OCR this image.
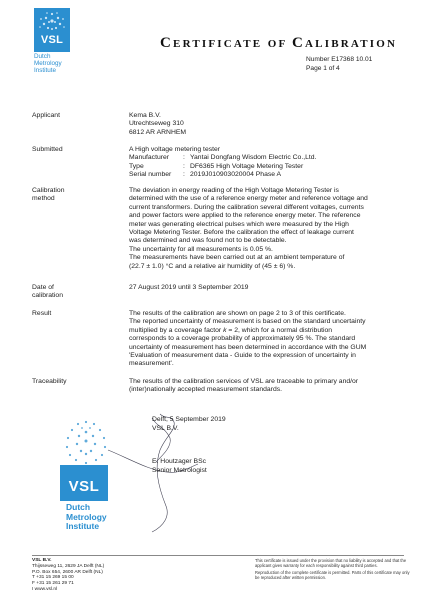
VSL
Dutch
Metrology
Institute
CERTIFICATE OF CALIBRATION
Number E17368 10.01
Page 1 of 4
Applicant	Kema B.V.

Utrechtseweg 310

6812 AR ARNHEM

Submitted	A High voltage metering tester

Manufacturer	: Yantai Dongfang Wisdom Electric Co.,Ltd.
Type	: DF6365 High Voltage Metering Tester
Serial number	: 2019J010903020004 Phase A
Calibration
method

The deviation in energy reading of the High Voltage Metering Tester is

determined with the use of a reference energy meter and reference voltage and

current transformers. During the calibration several different voltages, currents

and power factors were applied to the reference energy meter. The reference

meter was generating electrical pulses which were measured by the High

Voltage Metering Tester. Before the calibration the effect of leakage current

was determined and was found not to be detectable.

The uncertainty for all measurements is 0.05 %.

The measurements have been carried out at an ambient temperature of

(22.7 ± 1.0) °C and a relative air humidity of (45 ± 6) %.

Date of
calibration
27 August 2019 until 3 September 2019
Result	The results of the calibration are shown on page 2 to 3 of this certificate.

The reported uncertainty of measurement is based on the standard uncertainty

multiplied by a coverage factor k = 2, which for a normal distribution

corresponds to a coverage probability of approximately 95 %. The standard

uncertainty of measurement has been determined in accordance with the GUM

'Evaluation of measurement data - Guide to the expression of uncertainty in

measurement'.

Traceability	The results of the calibration services of VSL are traceable to primary and/or

(inter)nationally accepted measurement standards.

Delft, 5 September 2019
VSL B.V.
E. Houtzager BSc
Senior Metrologist
VSL
Dutch
Metrology
Institute
VSL B.V.
Thijsseweg 11, 2629 JA Delft (NL)
P.O. Box 654, 2600 AR Delft (NL)
T +31 15 269 15 00
F +31 15 261 29 71
I www.vsl.nl

This certificate is issued under the provision that no liability is accepted and that the applicant gives warranty for each responsibility against third parties.

Reproduction of the complete certificate is permitted. Parts of this certificate may only be reproduced after written permission.
